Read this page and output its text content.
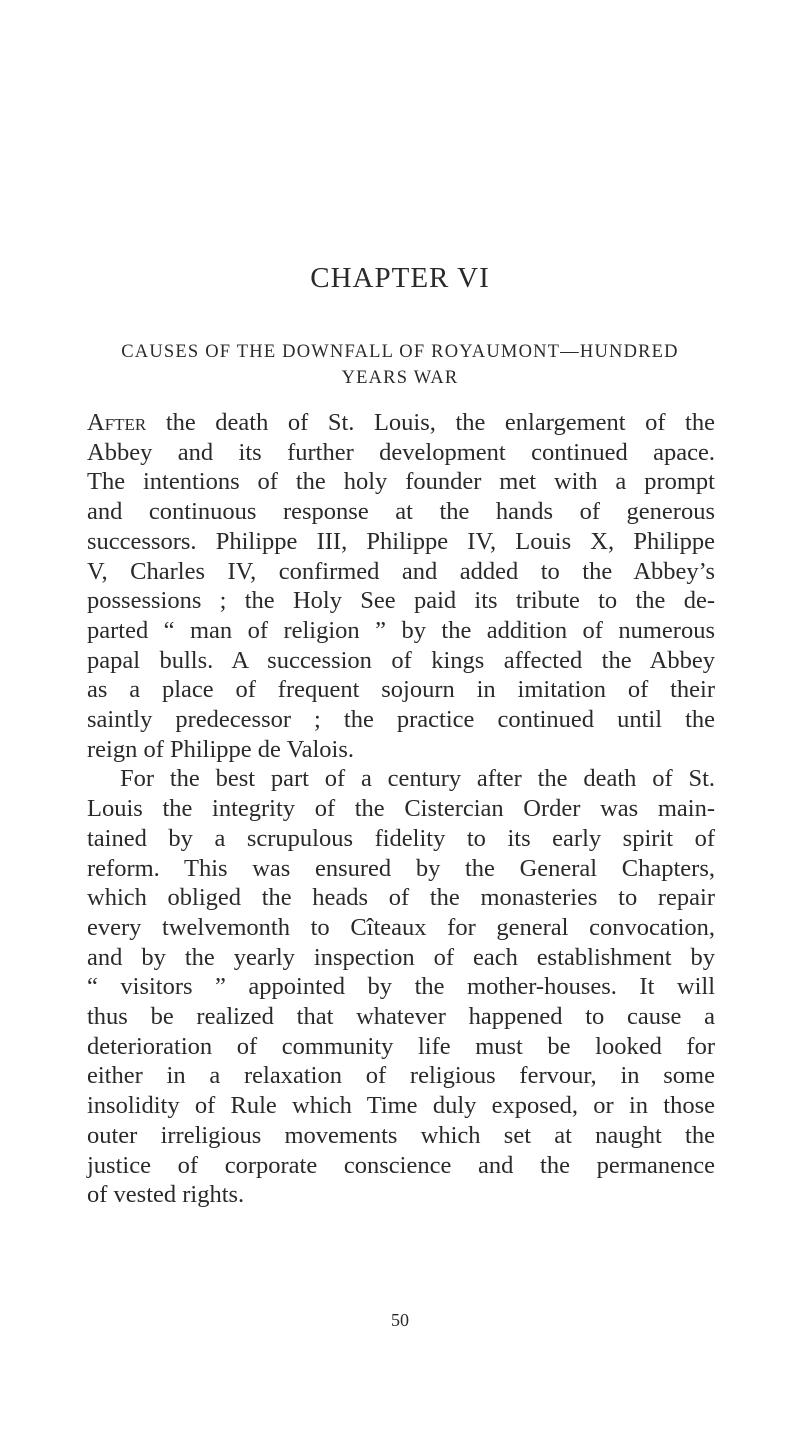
CHAPTER VI
CAUSES OF THE DOWNFALL OF ROYAUMONT—HUNDRED
YEARS WAR

After the death of St. Louis, the enlargement of the
Abbey and its further development continued apace.
The intentions of the holy founder met with a prompt
and continuous response at the hands of generous
successors. Philippe III, Philippe IV, Louis X, Philippe
V, Charles IV, confirmed and added to the Abbey’s
possessions ; the Holy See paid its tribute to the de-
parted “ man of religion ” by the addition of numerous
papal bulls. A succession of kings affected the Abbey
as a place of frequent sojourn in imitation of their
saintly predecessor ; the practice continued until the
reign of Philippe de Valois.

For the best part of a century after the death of St.
Louis the integrity of the Cistercian Order was main-
tained by a scrupulous fidelity to its early spirit of
reform. This was ensured by the General Chapters,
which obliged the heads of the monasteries to repair
every twelvemonth to Cîteaux for general convocation,
and by the yearly inspection of each establishment by
“ visitors ” appointed by the mother-houses. It will
thus be realized that whatever happened to cause a
deterioration of community life must be looked for
either in a relaxation of religious fervour, in some
insolidity of Rule which Time duly exposed, or in those
outer irreligious movements which set at naught the
justice of corporate conscience and the permanence
of vested rights.

50
